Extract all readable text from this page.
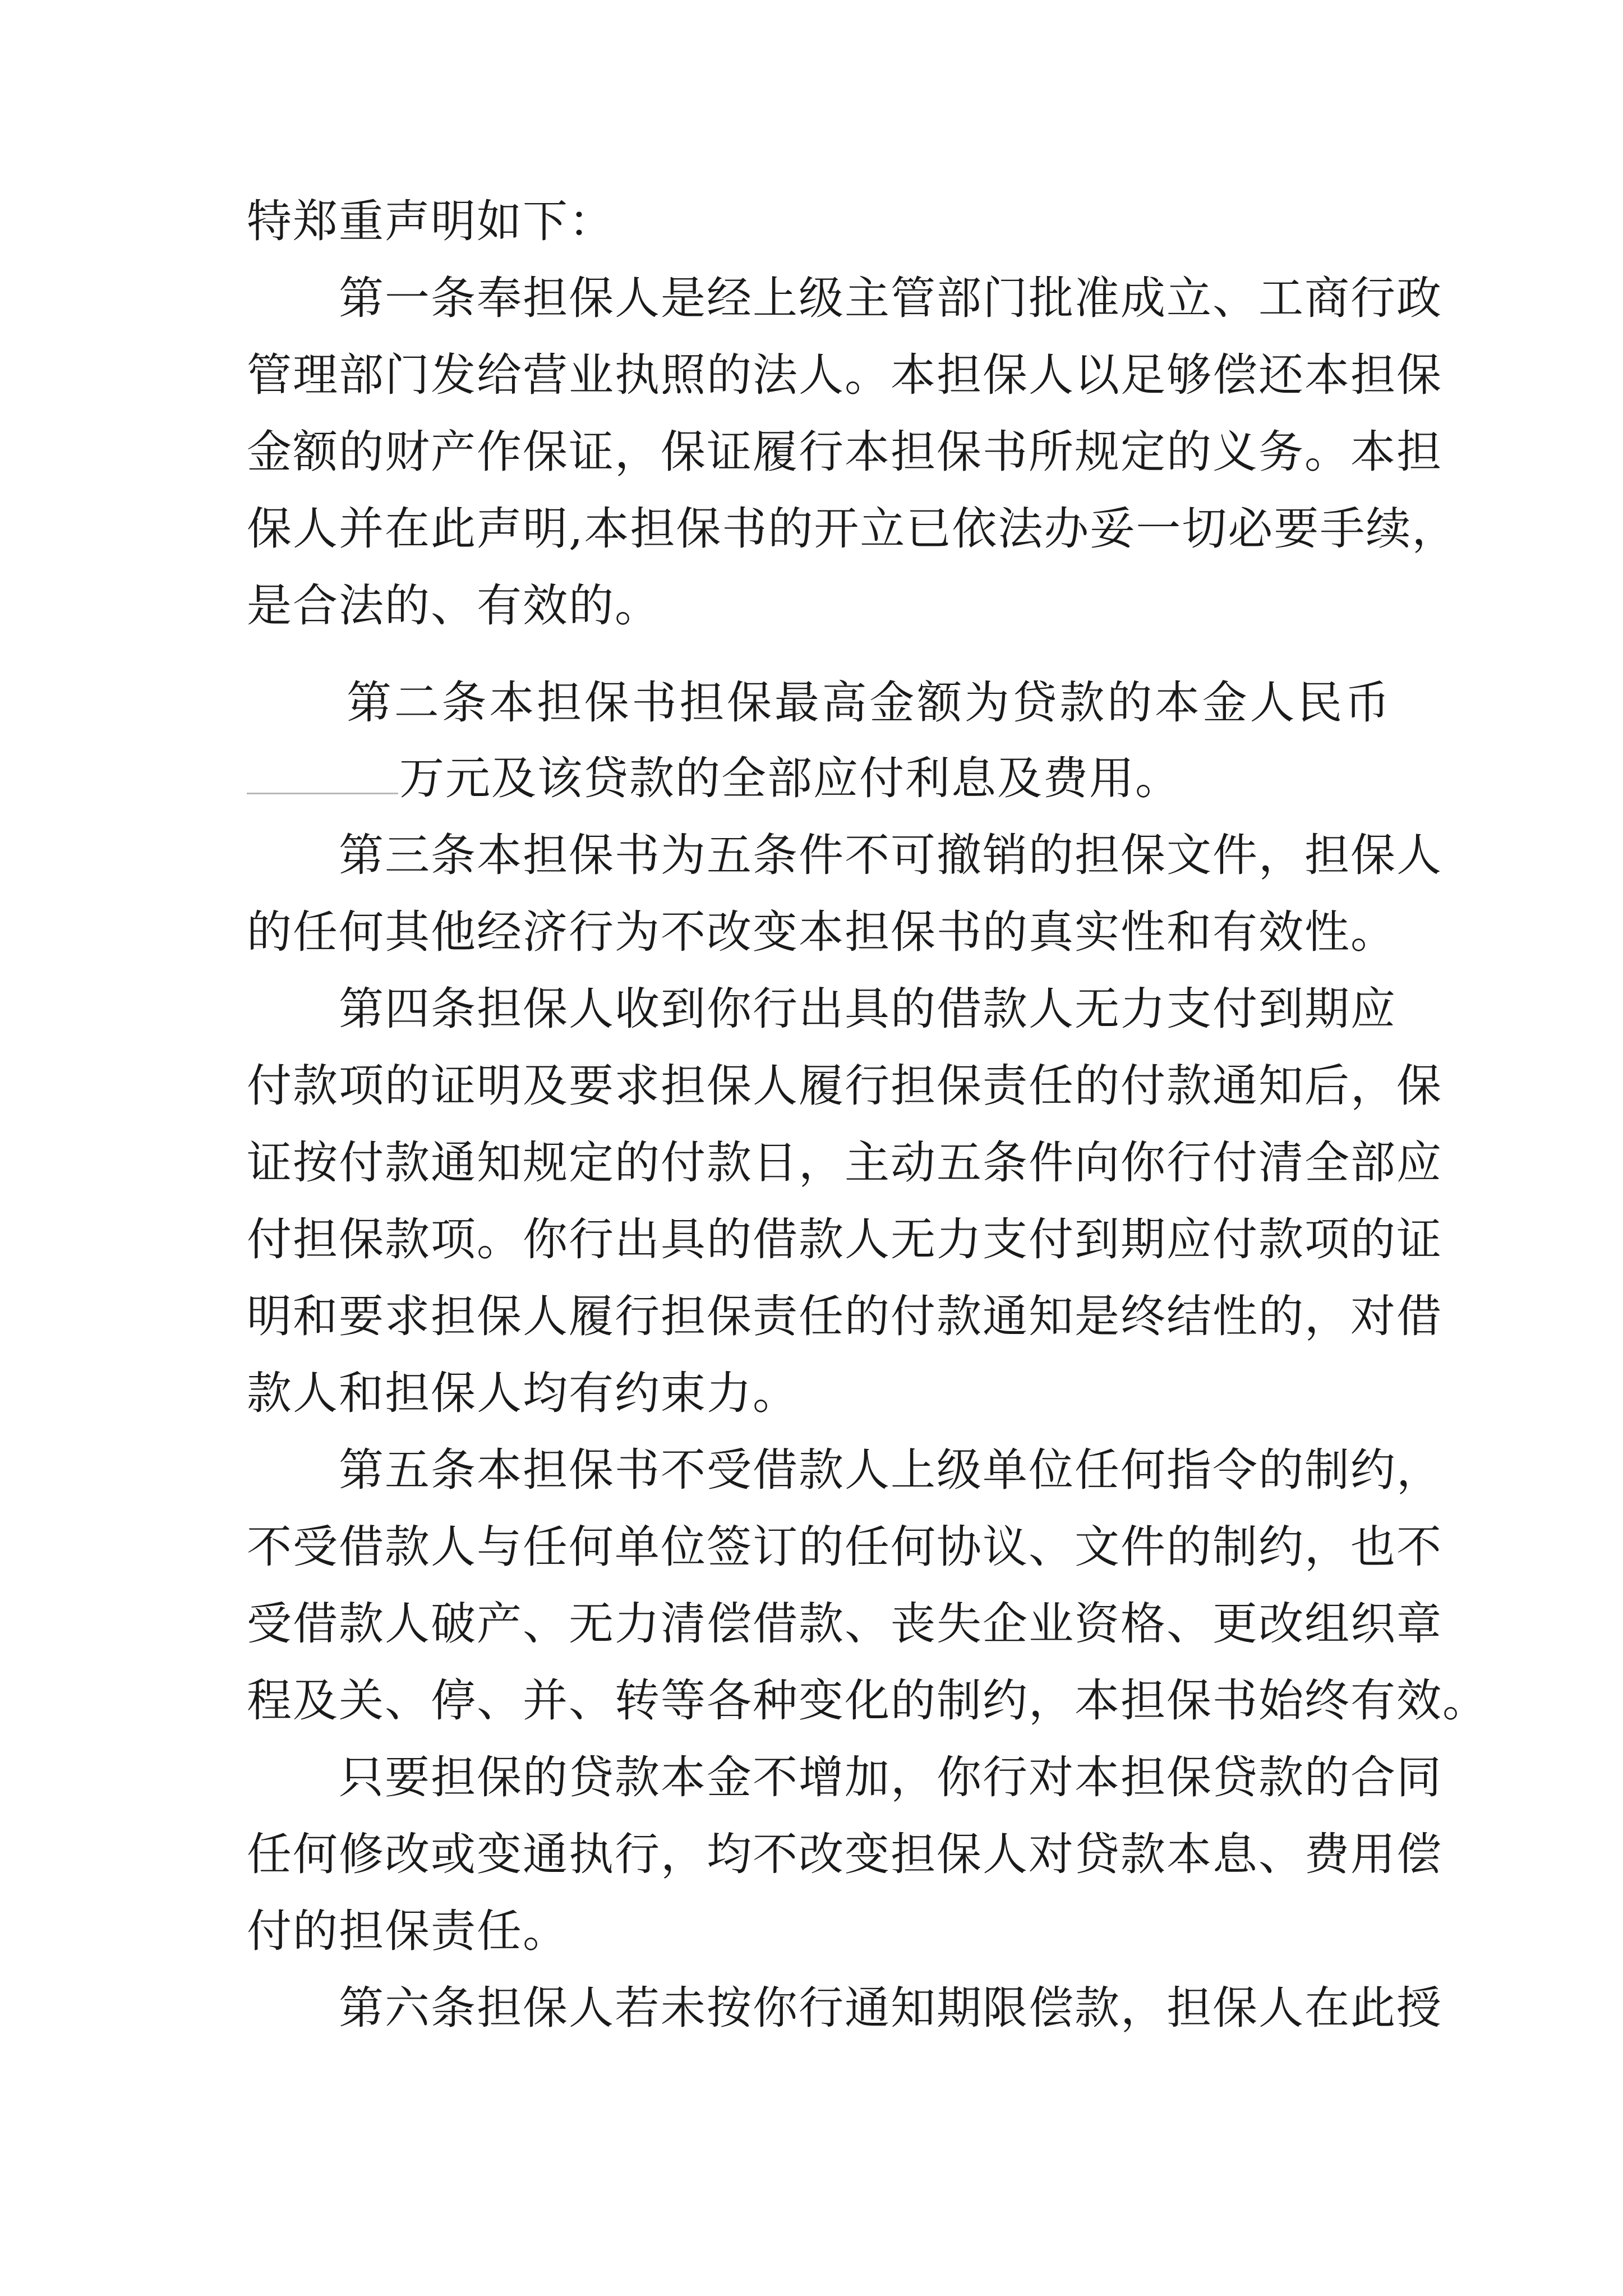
特郑重声明如下：
第一条奉担保人是经上级主管部门批准成立、工商行政
管理部门发给营业执照的法人。本担保人以足够偿还本担保
金额的财产作保证，保证履行本担保书所规定的义务。本担
保人并在此声明,本担保书的开立已依法办妥一切必要手续，
是合法的、有效的。
第二条本担保书担保最高金额为贷款的本金人民币
万元及该贷款的全部应付利息及费用。
第三条本担保书为五条件不可撤销的担保文件，担保人
的任何其他经济行为不改变本担保书的真实性和有效性。
第四条担保人收到你行出具的借款人无力支付到期应
付款项的证明及要求担保人履行担保责任的付款通知后，保
证按付款通知规定的付款日，主动五条件向你行付清全部应
付担保款项。你行出具的借款人无力支付到期应付款项的证
明和要求担保人履行担保责任的付款通知是终结性的，对借
款人和担保人均有约束力。
第五条本担保书不受借款人上级单位任何指令的制约，
不受借款人与任何单位签订的任何协议、文件的制约，也不
受借款人破产、无力清偿借款、丧失企业资格、更改组织章
程及关、停、并、转等各种变化的制约，本担保书始终有效。
只要担保的贷款本金不增加，你行对本担保贷款的合同
任何修改或变通执行，均不改变担保人对贷款本息、费用偿
付的担保责任。
第六条担保人若未按你行通知期限偿款，担保人在此授
